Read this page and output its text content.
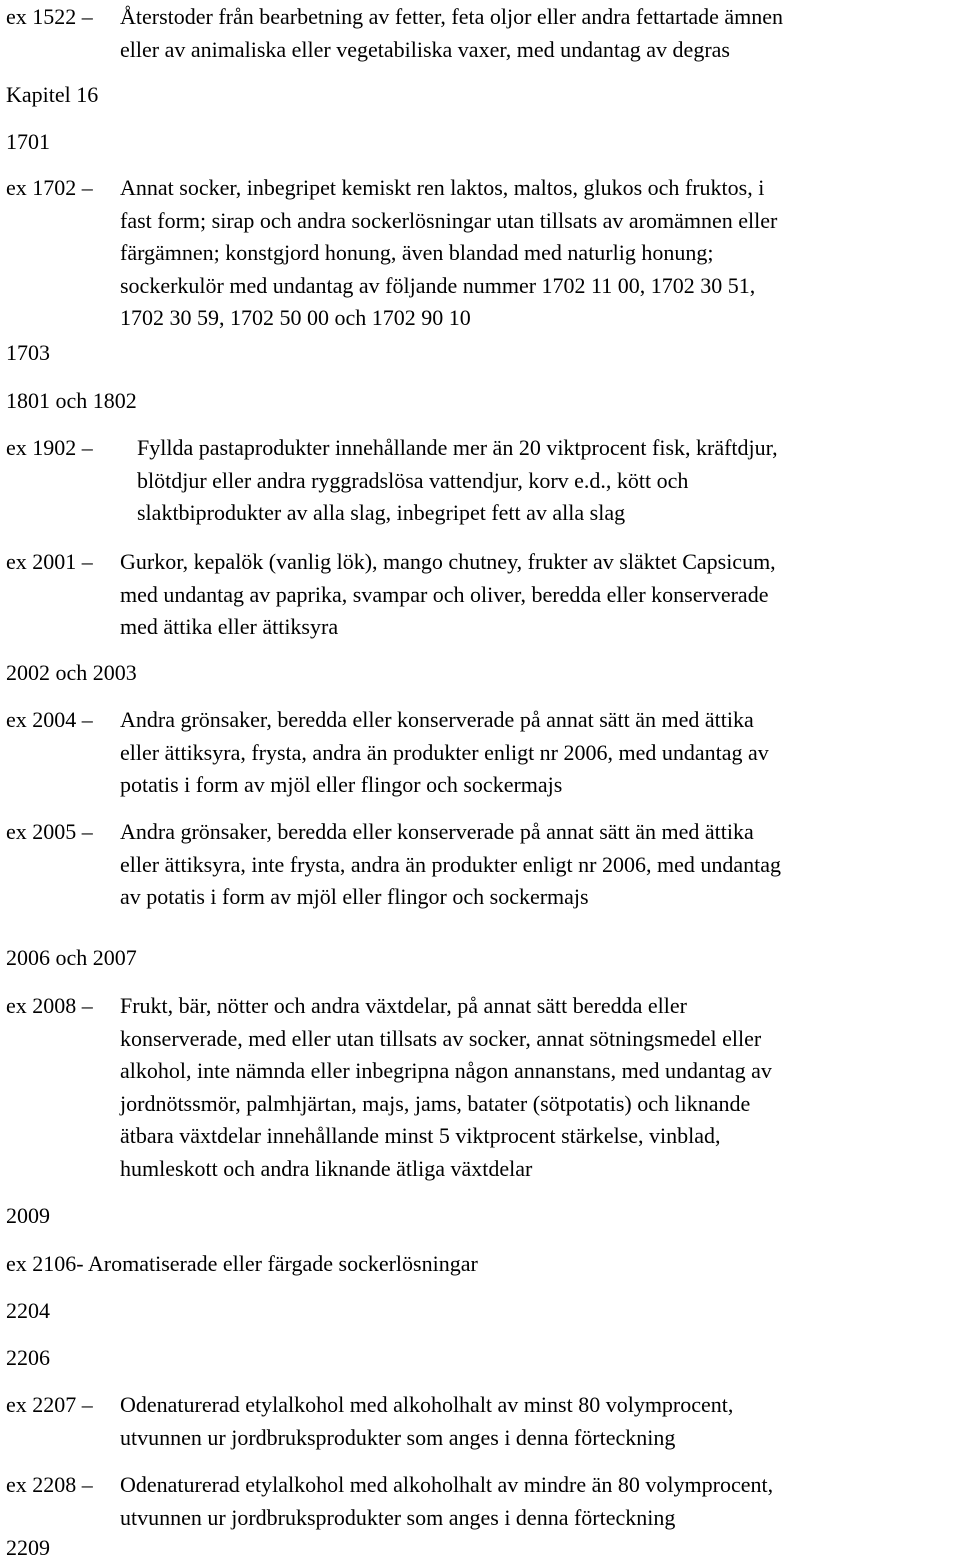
ex 1522 – Återstoder från bearbetning av fetter, feta oljor eller andra fettartade ämnen
eller av animaliska eller vegetabiliska vaxer, med undantag av degras
Kapitel 16
1701
ex 1702 – Annat socker, inbegripet kemiskt ren laktos, maltos, glukos och fruktos, i
fast form; sirap och andra sockerlösningar utan tillsats av aromämnen eller
färgämnen; konstgjord honung, även blandad med naturlig honung;
sockerkulör med undantag av följande nummer 1702 11 00, 1702 30 51,
1702 30 59, 1702 50 00 och 1702 90 10
1703
1801 och 1802
ex 1902 – Fyllda pastaprodukter innehållande mer än 20 viktprocent fisk, kräftdjur,
blötdjur eller andra ryggradslösa vattendjur, korv e.d., kött och
slaktbiprodukter av alla slag, inbegripet fett av alla slag
ex 2001 – Gurkor, kepalök (vanlig lök), mango chutney, frukter av släktet Capsicum,
med undantag av paprika, svampar och oliver, beredda eller konserverade
med ättika eller ättiksyra
2002 och 2003
ex 2004 – Andra grönsaker, beredda eller konserverade på annat sätt än med ättika
eller ättiksyra, frysta, andra än produkter enligt nr 2006, med undantag av
potatis i form av mjöl eller flingor och sockermajs
ex 2005 – Andra grönsaker, beredda eller konserverade på annat sätt än med ättika
eller ättiksyra, inte frysta, andra än produkter enligt nr 2006, med undantag
av potatis i form av mjöl eller flingor och sockermajs
2006 och 2007
ex 2008 – Frukt, bär, nötter och andra växtdelar, på annat sätt beredda eller
konserverade, med eller utan tillsats av socker, annat sötningsmedel eller
alkohol, inte nämnda eller inbegripna någon annanstans, med undantag av
jordnötssmör, palmhjärtan, majs, jams, batater (sötpotatis) och liknande
ätbara växtdelar innehållande minst 5 viktprocent stärkelse, vinblad,
humleskott och andra liknande ätliga växtdelar
2009
ex 2106- Aromatiserade eller färgade sockerlösningar
2204
2206
ex 2207 – Odenaturerad etylalkohol med alkoholhalt av minst 80 volymprocent,
utvunnen ur jordbruksprodukter som anges i denna förteckning
ex 2208 – Odenaturerad etylalkohol med alkoholhalt av mindre än 80 volymprocent,
utvunnen ur jordbruksprodukter som anges i denna förteckning
2209
